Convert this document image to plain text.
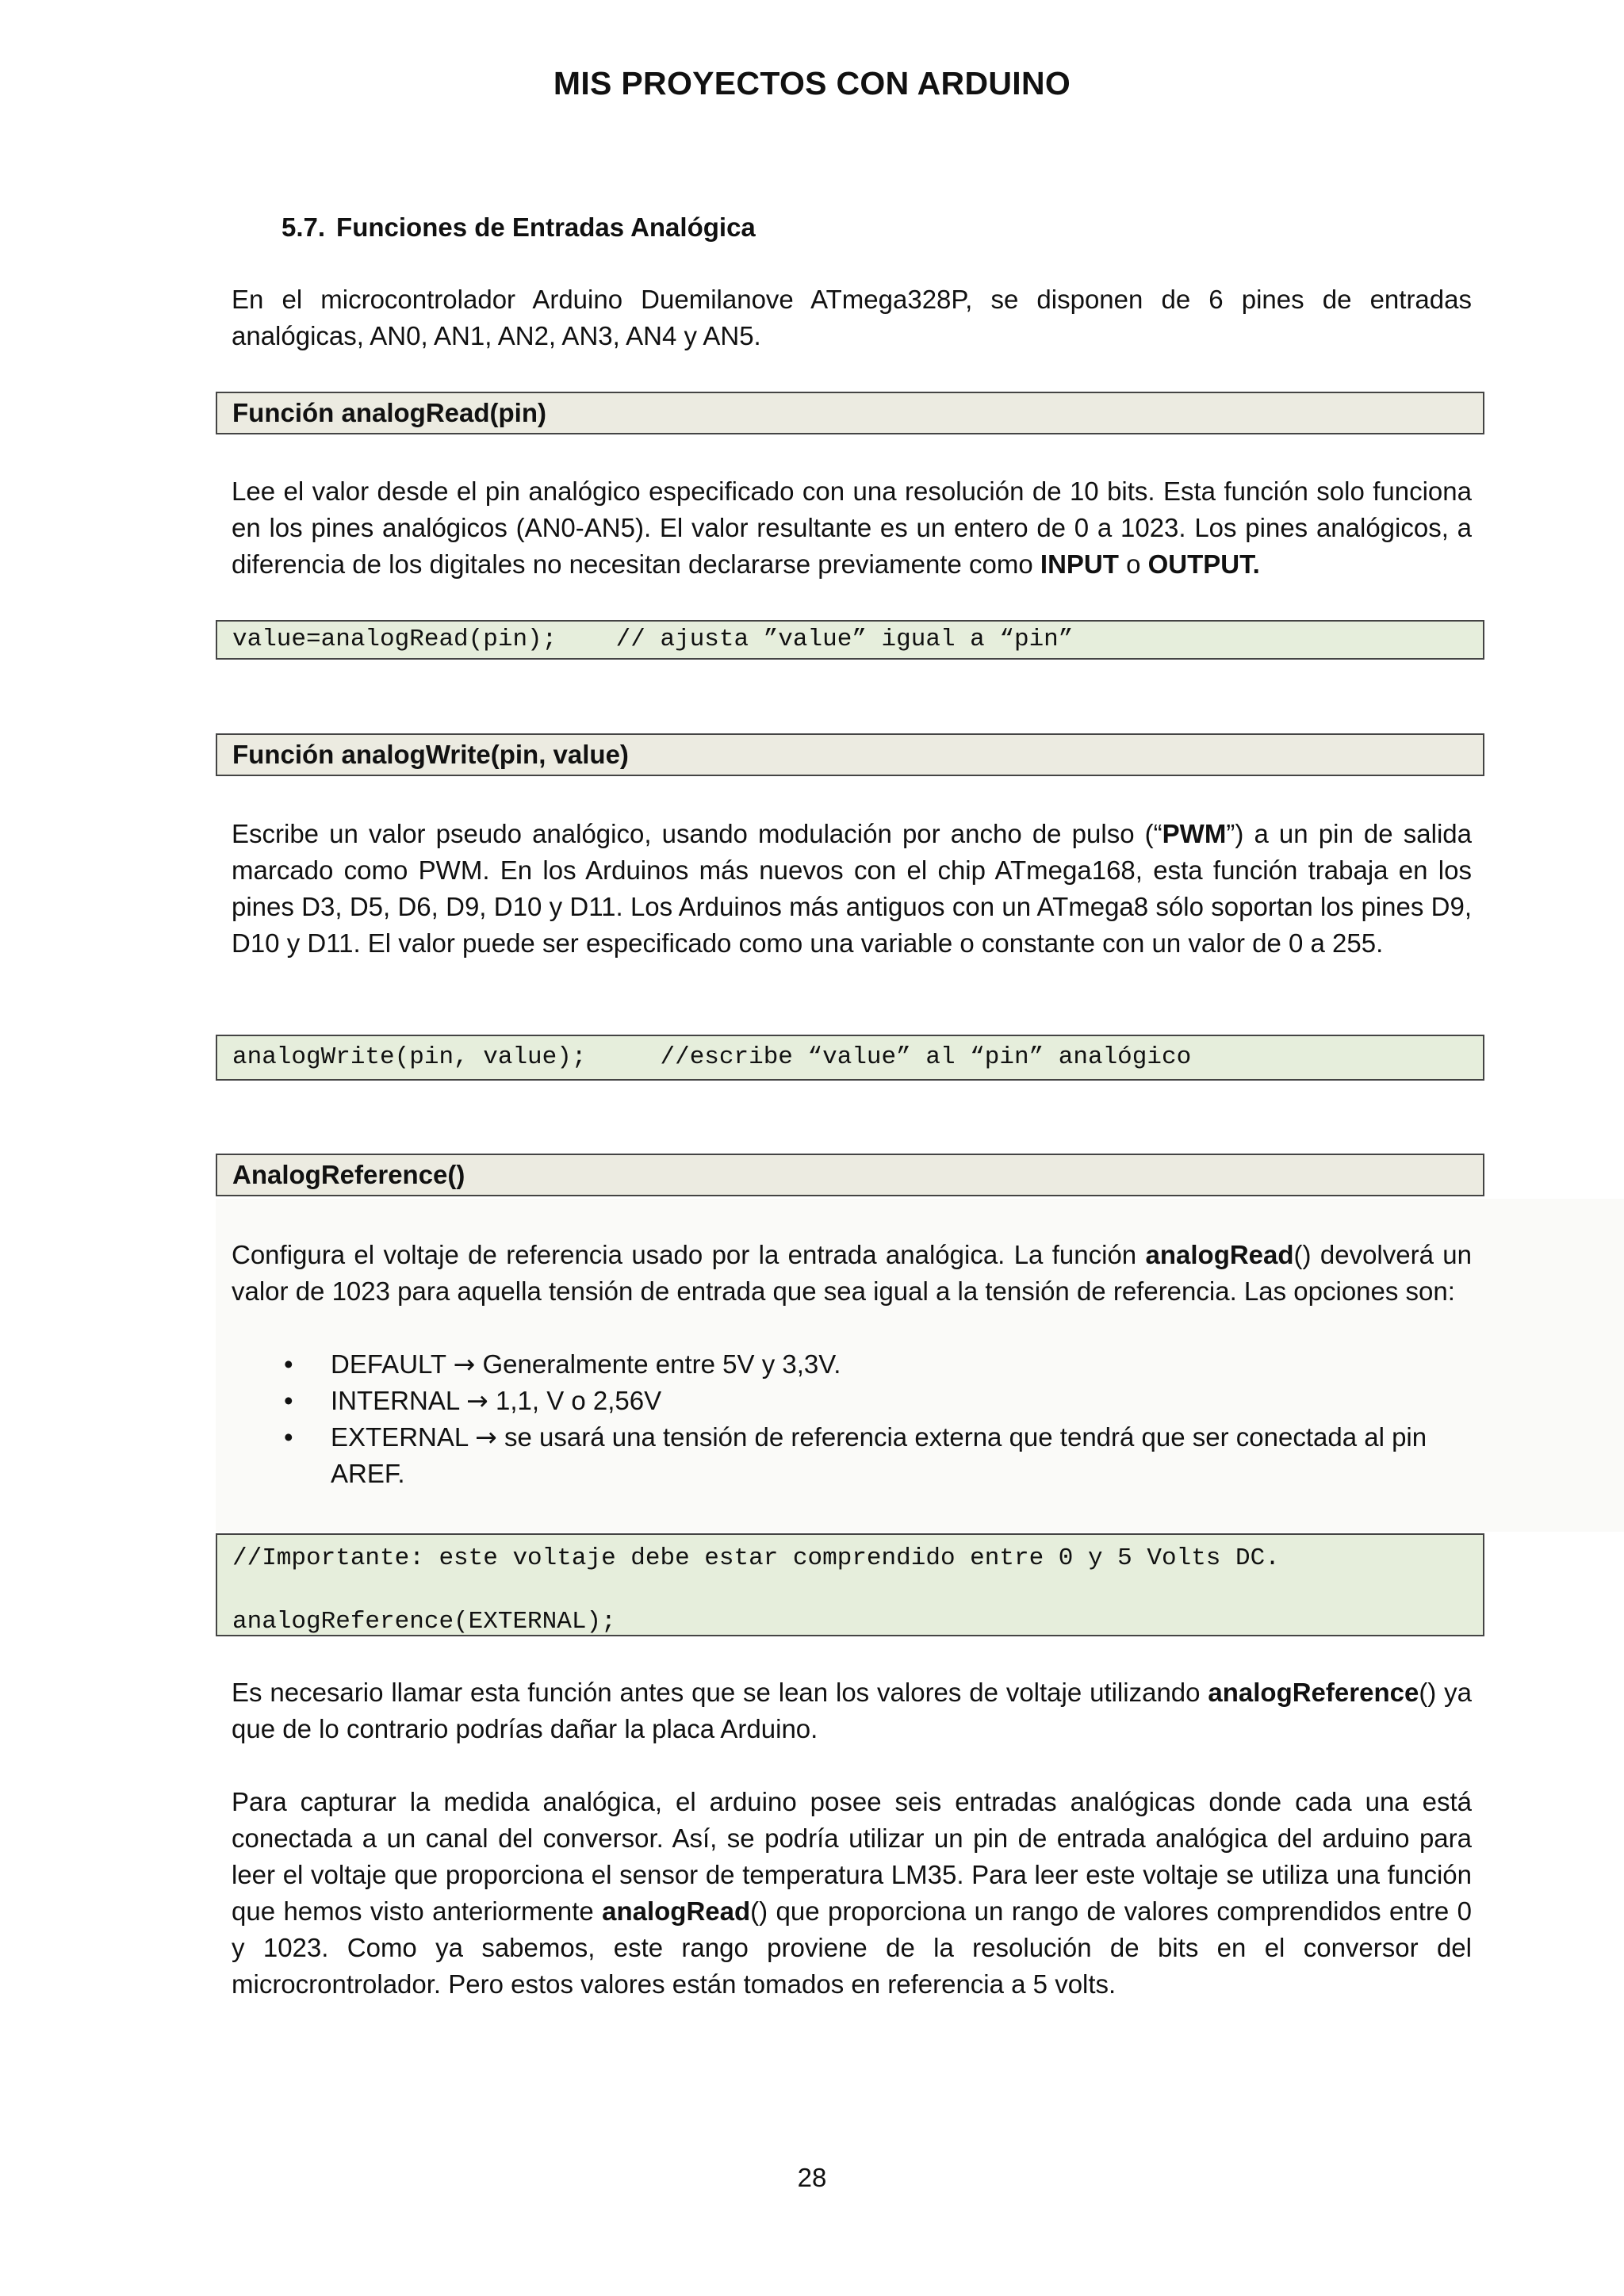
MIS PROYECTOS CON ARDUINO
5.7. Funciones de Entradas Analógica

En el microcontrolador Arduino Duemilanove ATmega328P, se disponen de 6 pines de entradas analógicas, AN0, AN1, AN2, AN3, AN4 y AN5.

Función analogRead(pin)

Lee el valor desde el pin analógico especificado con una resolución de 10 bits. Esta función solo funciona en los pines analógicos (AN0-AN5). El valor resultante es un entero de 0 a 1023. Los pines analógicos, a diferencia de los digitales no necesitan declararse previamente como INPUT o OUTPUT.

value=analogRead(pin);    // ajusta ”value” igual a “pin”
Función analogWrite(pin, value)

Escribe un valor pseudo analógico, usando modulación por ancho de pulso (“PWM”) a un pin de salida marcado como PWM. En los Arduinos más nuevos con el chip ATmega168, esta función trabaja en los pines D3, D5, D6, D9, D10 y D11. Los Arduinos más antiguos con un ATmega8 sólo soportan los pines D9, D10 y D11. El valor puede ser especificado como una variable o constante con un valor de 0 a 255.

analogWrite(pin, value);     //escribe “value” al “pin” analógico
AnalogReference()

Configura el voltaje de referencia usado por la entrada analógica. La función analogRead() devolverá un valor de 1023 para aquella tensión de entrada que sea igual a la tensión de referencia. Las opciones son:

• DEFAULT → Generalmente entre 5V y 3,3V.
• INTERNAL → 1,1, V o 2,56V
• EXTERNAL → se usará una tensión de referencia externa que tendrá que ser conectada al pin AREF.
//Importante: este voltaje debe estar comprendido entre 0 y 5 Volts DC.
analogReference(EXTERNAL);

Es necesario llamar esta función antes que se lean los valores de voltaje utilizando analogReference() ya que de lo contrario podrías dañar la placa Arduino.

Para capturar la medida analógica, el arduino posee seis entradas analógicas donde cada una está conectada a un canal del conversor. Así, se podría utilizar un pin de entrada analógica del arduino para leer el voltaje que proporciona el sensor de temperatura LM35. Para leer este voltaje se utiliza una función que hemos visto anteriormente analogRead() que proporciona un rango de valores comprendidos entre 0 y 1023. Como ya sabemos, este rango proviene de la resolución de bits en el conversor del microcrontrolador. Pero estos valores están tomados en referencia a 5 volts.

28
